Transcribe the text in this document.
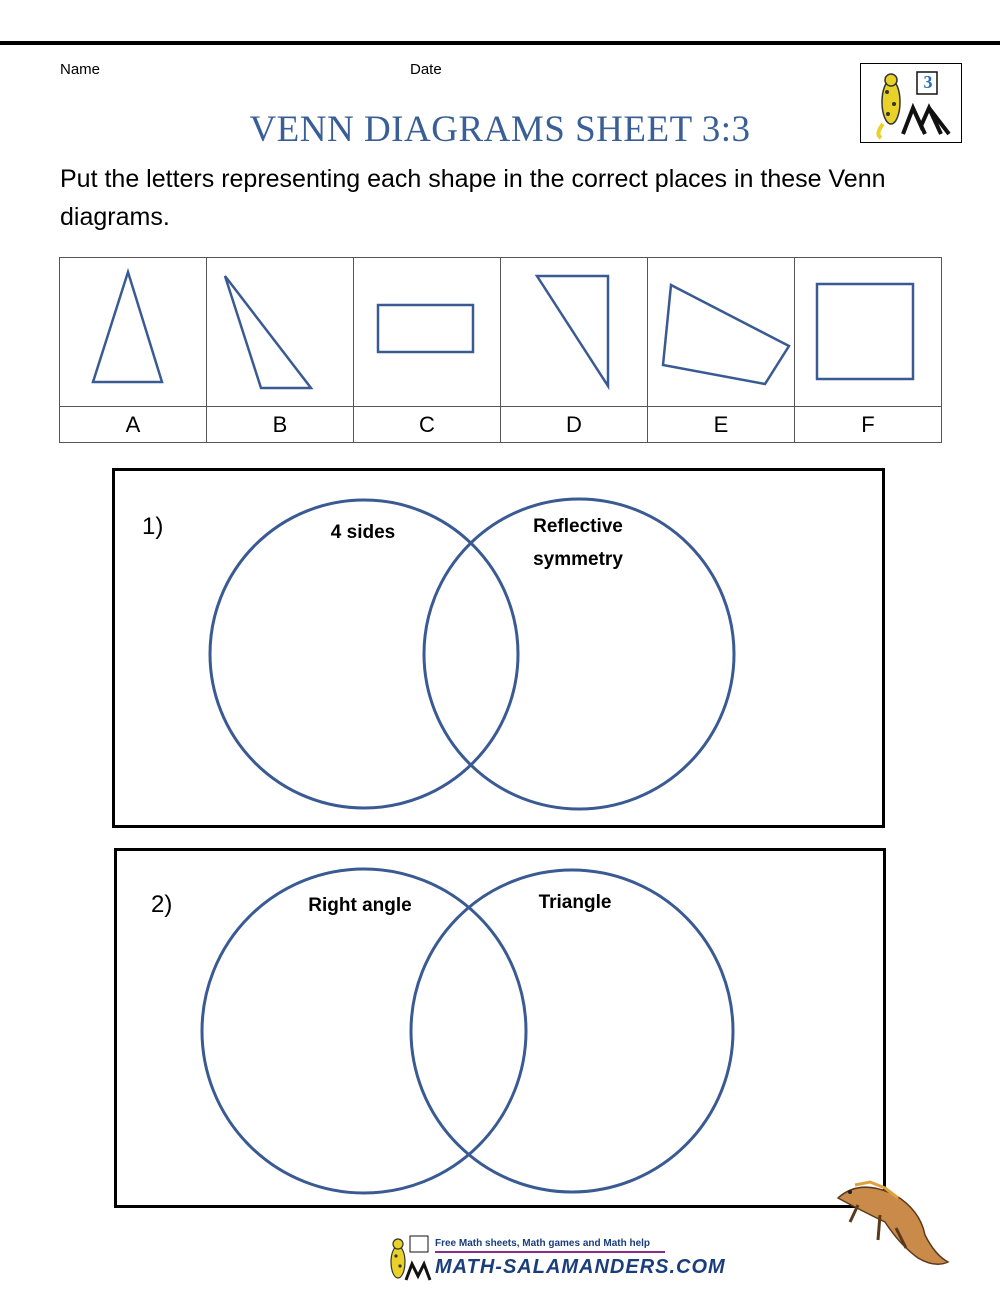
Name	Date
3
VENN DIAGRAMS SHEET 3:3
Put the letters representing each shape in the correct places in these Venn diagrams.

A	B	C	D	E	F
1)	4 sides	Reflective
symmetry
2)	Right angle	Triangle
Free Math sheets, Math games and Math help
MATH-SALAMANDERS.COM
